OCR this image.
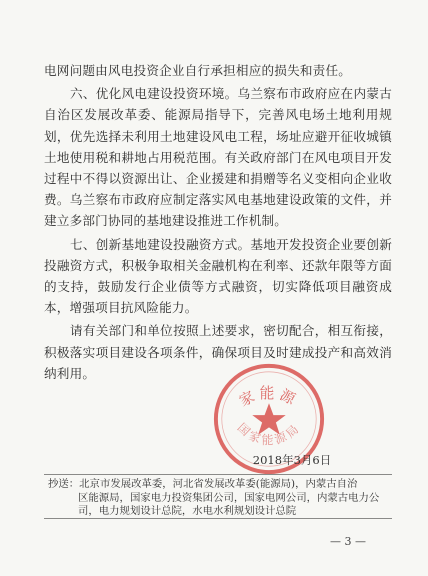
电网问题由风电投资企业自行承担相应的损失和责任。

六、优化风电建设投资环境。乌兰察布市政府应在内蒙古自治区发展改革委、能源局指导下，完善风电场土地利用规划，优先选择未利用土地建设风电工程，场址应避开征收城镇土地使用税和耕地占用税范围。有关政府部门在风电项目开发过程中不得以资源出让、企业援建和捐赠等名义变相向企业收费。乌兰察布市政府应制定落实风电基地建设政策的文件，并建立多部门协同的基地建设推进工作机制。

七、创新基地建设投融资方式。基地开发投资企业要创新投融资方式，积极争取相关金融机构在利率、还款年限等方面的支持，鼓励发行企业债等方式融资，切实降低项目融资成本，增强项目抗风险能力。

请有关部门和单位按照上述要求，密切配合，相互衔接，积极落实项目建设各项条件，确保项目及时建成投产和高效消纳利用。

家能源
国家能源局
2018年3月6日
抄送：北京市发展改革委，河北省发展改革委(能源局)，内蒙古自治
区能源局，国家电力投资集团公司，国家电网公司，内蒙古电力公司，电力规划设计总院，水电水利规划设计总院
— 3 —
